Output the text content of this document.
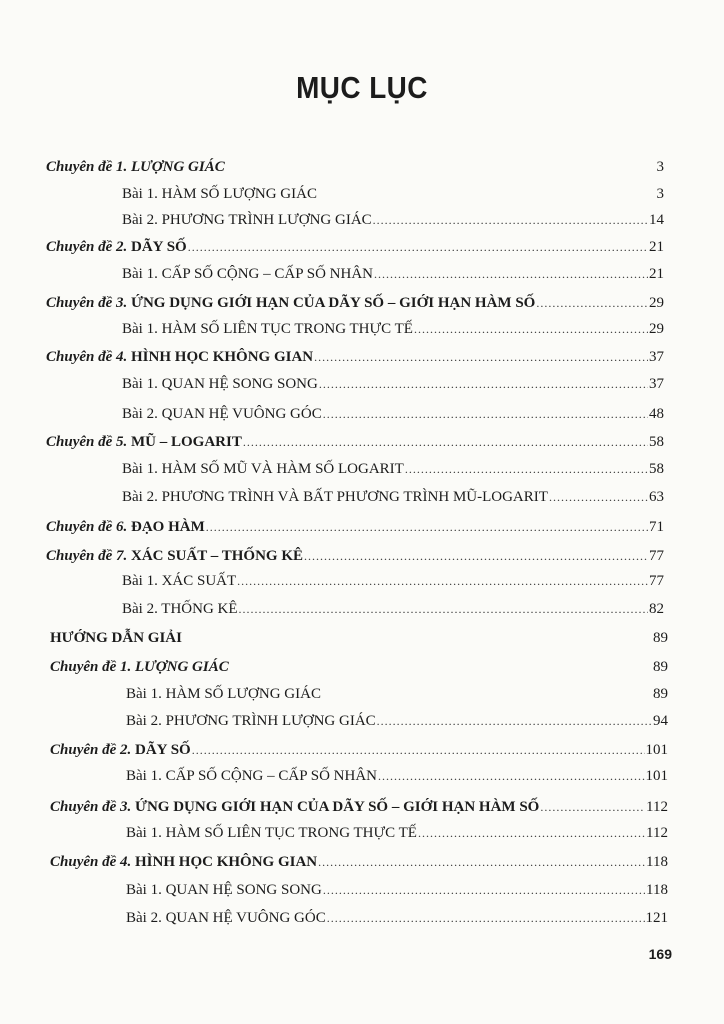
MỤC LỤC
Chuyên đề 1. LƯỢNG GIÁC	3
Bài 1. HÀM SỐ LƯỢNG GIÁC	3
Bài 2. PHƯƠNG TRÌNH LƯỢNG GIÁC .....	14
Chuyên đề 2. DÃY SỐ .....	21
Bài 1. CẤP SỐ CỘNG – CẤP SỐ NHÂN .....	21
Chuyên đề 3. ỨNG DỤNG GIỚI HẠN CỦA DÃY SỐ – GIỚI HẠN HÀM SỐ .....	29
Bài 1. HÀM SỐ LIÊN TỤC TRONG THỰC TẾ .....	29
Chuyên đề 4. HÌNH HỌC KHÔNG GIAN .....	37
Bài 1. QUAN HỆ SONG SONG .....	37
Bài 2. QUAN HỆ VUÔNG GÓC .....	48
Chuyên đề 5. MŨ – LOGARIT .....	58
Bài 1. HÀM SỐ MŨ VÀ HÀM SỐ LOGARIT .....	58
Bài 2. PHƯƠNG TRÌNH VÀ BẤT PHƯƠNG TRÌNH MŨ-LOGARIT .....	63
Chuyên đề 6. ĐẠO HÀM .....	71
Chuyên đề 7. XÁC SUẤT – THỐNG KÊ .....	77
Bài 1. XÁC SUẤT .....	77
Bài 2. THỐNG KÊ .....	82
HƯỚNG DẪN GIẢI	89
Chuyên đề 1. LƯỢNG GIÁC	89
Bài 1. HÀM SỐ LƯỢNG GIÁC	89
Bài 2. PHƯƠNG TRÌNH LƯỢNG GIÁC .....	94
Chuyên đề 2. DÃY SỐ .....	101
Bài 1. CẤP SỐ CỘNG – CẤP SỐ NHÂN .....	101
Chuyên đề 3. ỨNG DỤNG GIỚI HẠN CỦA DÃY SỐ – GIỚI HẠN HÀM SỐ .....	112
Bài 1. HÀM SỐ LIÊN TỤC TRONG THỰC TẾ .....	112
Chuyên đề 4. HÌNH HỌC KHÔNG GIAN .....	118
Bài 1. QUAN HỆ SONG SONG .....	118
Bài 2. QUAN HỆ VUÔNG GÓC .....	121
169
